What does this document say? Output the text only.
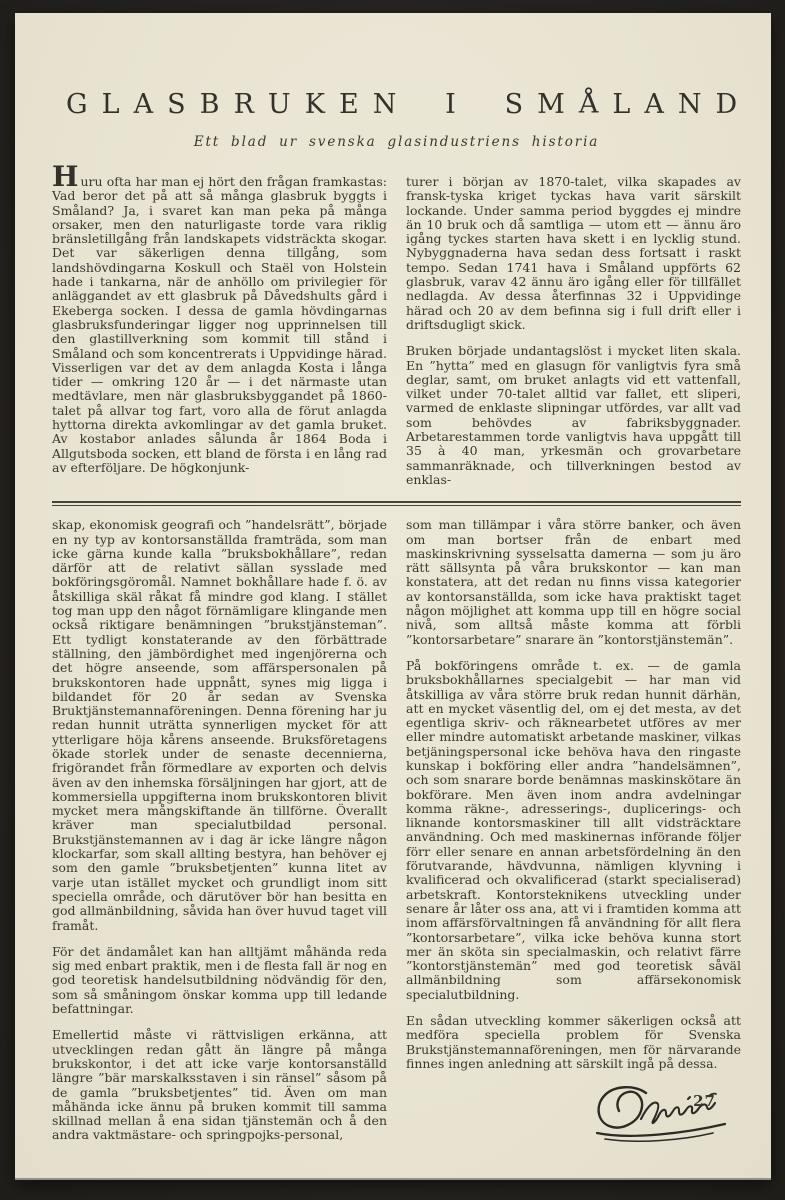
GLASBRUKEN I SMÅLAND
Ett blad ur svenska glasindustriens historia

Huru ofta har man ej hört den frågan framkastas: Vad beror det på att så många glasbruk byggts i Småland? Ja, i svaret kan man peka på många orsaker, men den naturligaste torde vara riklig bränsletillgång från landskapets vidsträckta skogar. Det var säkerligen denna tillgång, som landshövdingarna Koskull och Staël von Holstein hade i tankarna, när de anhöllo om privilegier för anläggandet av ett glasbruk på Dåvedshults gård i Ekeberga socken. I dessa de gamla hövdingarnas glasbruksfunderingar ligger nog upprinnelsen till den glastillverkning som kommit till stånd i Småland och som koncentrerats i Uppvidinge härad. Visserligen var det av dem anlagda Kosta i långa tider — omkring 120 år — i det närmaste utan medtävlare, men när glasbruksbyggandet på 1860-talet på allvar tog fart, voro alla de förut anlagda hyttorna direkta avkomlingar av det gamla bruket. Av kostabor anlades sålunda år 1864 Boda i Allgutsboda socken, ett bland de första i en lång rad av efterföljare. De högkonjunk-

turer i början av 1870-talet, vilka skapades av fransk-tyska kriget tyckas hava varit särskilt lockande. Under samma period byggdes ej mindre än 10 bruk och då samtliga — utom ett — ännu äro igång tyckes starten hava skett i en lycklig stund. Nybyggnaderna hava sedan dess fortsatt i raskt tempo. Sedan 1741 hava i Småland uppförts 62 glasbruk, varav 42 ännu äro igång eller för tillfället nedlagda. Av dessa återfinnas 32 i Uppvidinge härad och 20 av dem befinna sig i full drift eller i driftsdugligt skick.

Bruken började undantagslöst i mycket liten skala. En ”hytta” med en glasugn för vanligtvis fyra små deglar, samt, om bruket anlagts vid ett vattenfall, vilket under 70-talet alltid var fallet, ett sliperi, varmed de enklaste slipningar utfördes, var allt vad som behövdes av fabriksbyggnader. Arbetarestammen torde vanligtvis hava uppgått till 35 à 40 man, yrkesmän och grovarbetare sammanräknade, och tillverkningen bestod av enklas-

skap, ekonomisk geografi och ”handelsrätt”, började en ny typ av kontorsanställda framträda, som man icke gärna kunde kalla ”bruksbokhållare”, redan därför att de relativt sällan sysslade med bokföringsgöromål. Namnet bokhållare hade f. ö. av åtskilliga skäl råkat få mindre god klang. I stället tog man upp den något förnämligare klingande men också riktigare benämningen ”brukstjänsteman”. Ett tydligt konstaterande av den förbättrade ställning, den jämbördighet med ingenjörerna och det högre anseende, som affärspersonalen på brukskontoren hade uppnått, synes mig ligga i bildandet för 20 år sedan av Svenska Bruktjänstemannaföreningen. Denna förening har ju redan hunnit uträtta synnerligen mycket för att ytterligare höja kårens anseende. Bruksföretagens ökade storlek under de senaste decennierna, frigörandet från förmedlare av exporten och delvis även av den inhemska försäljningen har gjort, att de kommersiella uppgifterna inom brukskontoren blivit mycket mera mångskiftande än tillförne. Överallt kräver man specialutbildad personal. Brukstjänstemannen av i dag är icke längre någon klockarfar, som skall allting bestyra, han behöver ej som den gamle ”bruksbetjenten” kunna litet av varje utan istället mycket och grundligt inom sitt speciella område, och därutöver bör han besitta en god allmänbildning, såvida han över huvud taget vill framåt.

För det ändamålet kan han alltjämt måhända reda sig med enbart praktik, men i de flesta fall är nog en god teoretisk handelsutbildning nödvändig för den, som så småningom önskar komma upp till ledande befattningar.

Emellertid måste vi rättvisligen erkänna, att utvecklingen redan gått än längre på många brukskontor, i det att icke varje kontorsanställd längre ”bär marskalksstaven i sin ränsel” såsom på de gamla ”bruksbetjentes” tid. Även om man måhända icke ännu på bruken kommit till samma skillnad mellan å ena sidan tjänstemän och å den andra vaktmästare- och springpojks-personal,

som man tillämpar i våra större banker, och även om man bortser från de enbart med maskinskrivning sysselsatta damerna — som ju äro rätt sällsynta på våra brukskontor — kan man konstatera, att det redan nu finns vissa kategorier av kontorsanställda, som icke hava praktiskt taget någon möjlighet att komma upp till en högre social nivå, som alltså måste komma att förbli ”kontorsarbetare” snarare än ”kontorstjänstemän”.

På bokföringens område t. ex. — de gamla bruksbokhållarnes specialgebit — har man vid åtskilliga av våra större bruk redan hunnit därhän, att en mycket väsentlig del, om ej det mesta, av det egentliga skriv- och räknearbetet utföres av mer eller mindre automatiskt arbetande maskiner, vilkas betjäningspersonal icke behöva hava den ringaste kunskap i bokföring eller andra ”handelsämnen”, och som snarare borde benämnas maskinskötare än bokförare. Men även inom andra avdelningar komma räkne-, adresserings-, duplicerings- och liknande kontorsmaskiner till allt vidsträcktare användning. Och med maskinernas införande följer förr eller senare en annan arbetsfördelning än den förutvarande, hävdvunna, nämligen klyvning i kvalificerad och okvalificerad (starkt specialiserad) arbetskraft. Kontorsteknikens utveckling under senare år låter oss ana, att vi i framtiden komma att inom affärsförvaltningen få användning för allt flera ”kontorsarbetare”, vilka icke behöva kunna stort mer än sköta sin specialmaskin, och relativt färre ”kontorstjänstemän” med god teoretisk såväl allmänbildning som affärsekonomisk specialutbildning.

En sådan utveckling kommer säkerligen också att medföra speciella problem för Svenska Brukstjänstemannaföreningen, men för närvarande finnes ingen anledning att särskilt ingå på dessa.

27
